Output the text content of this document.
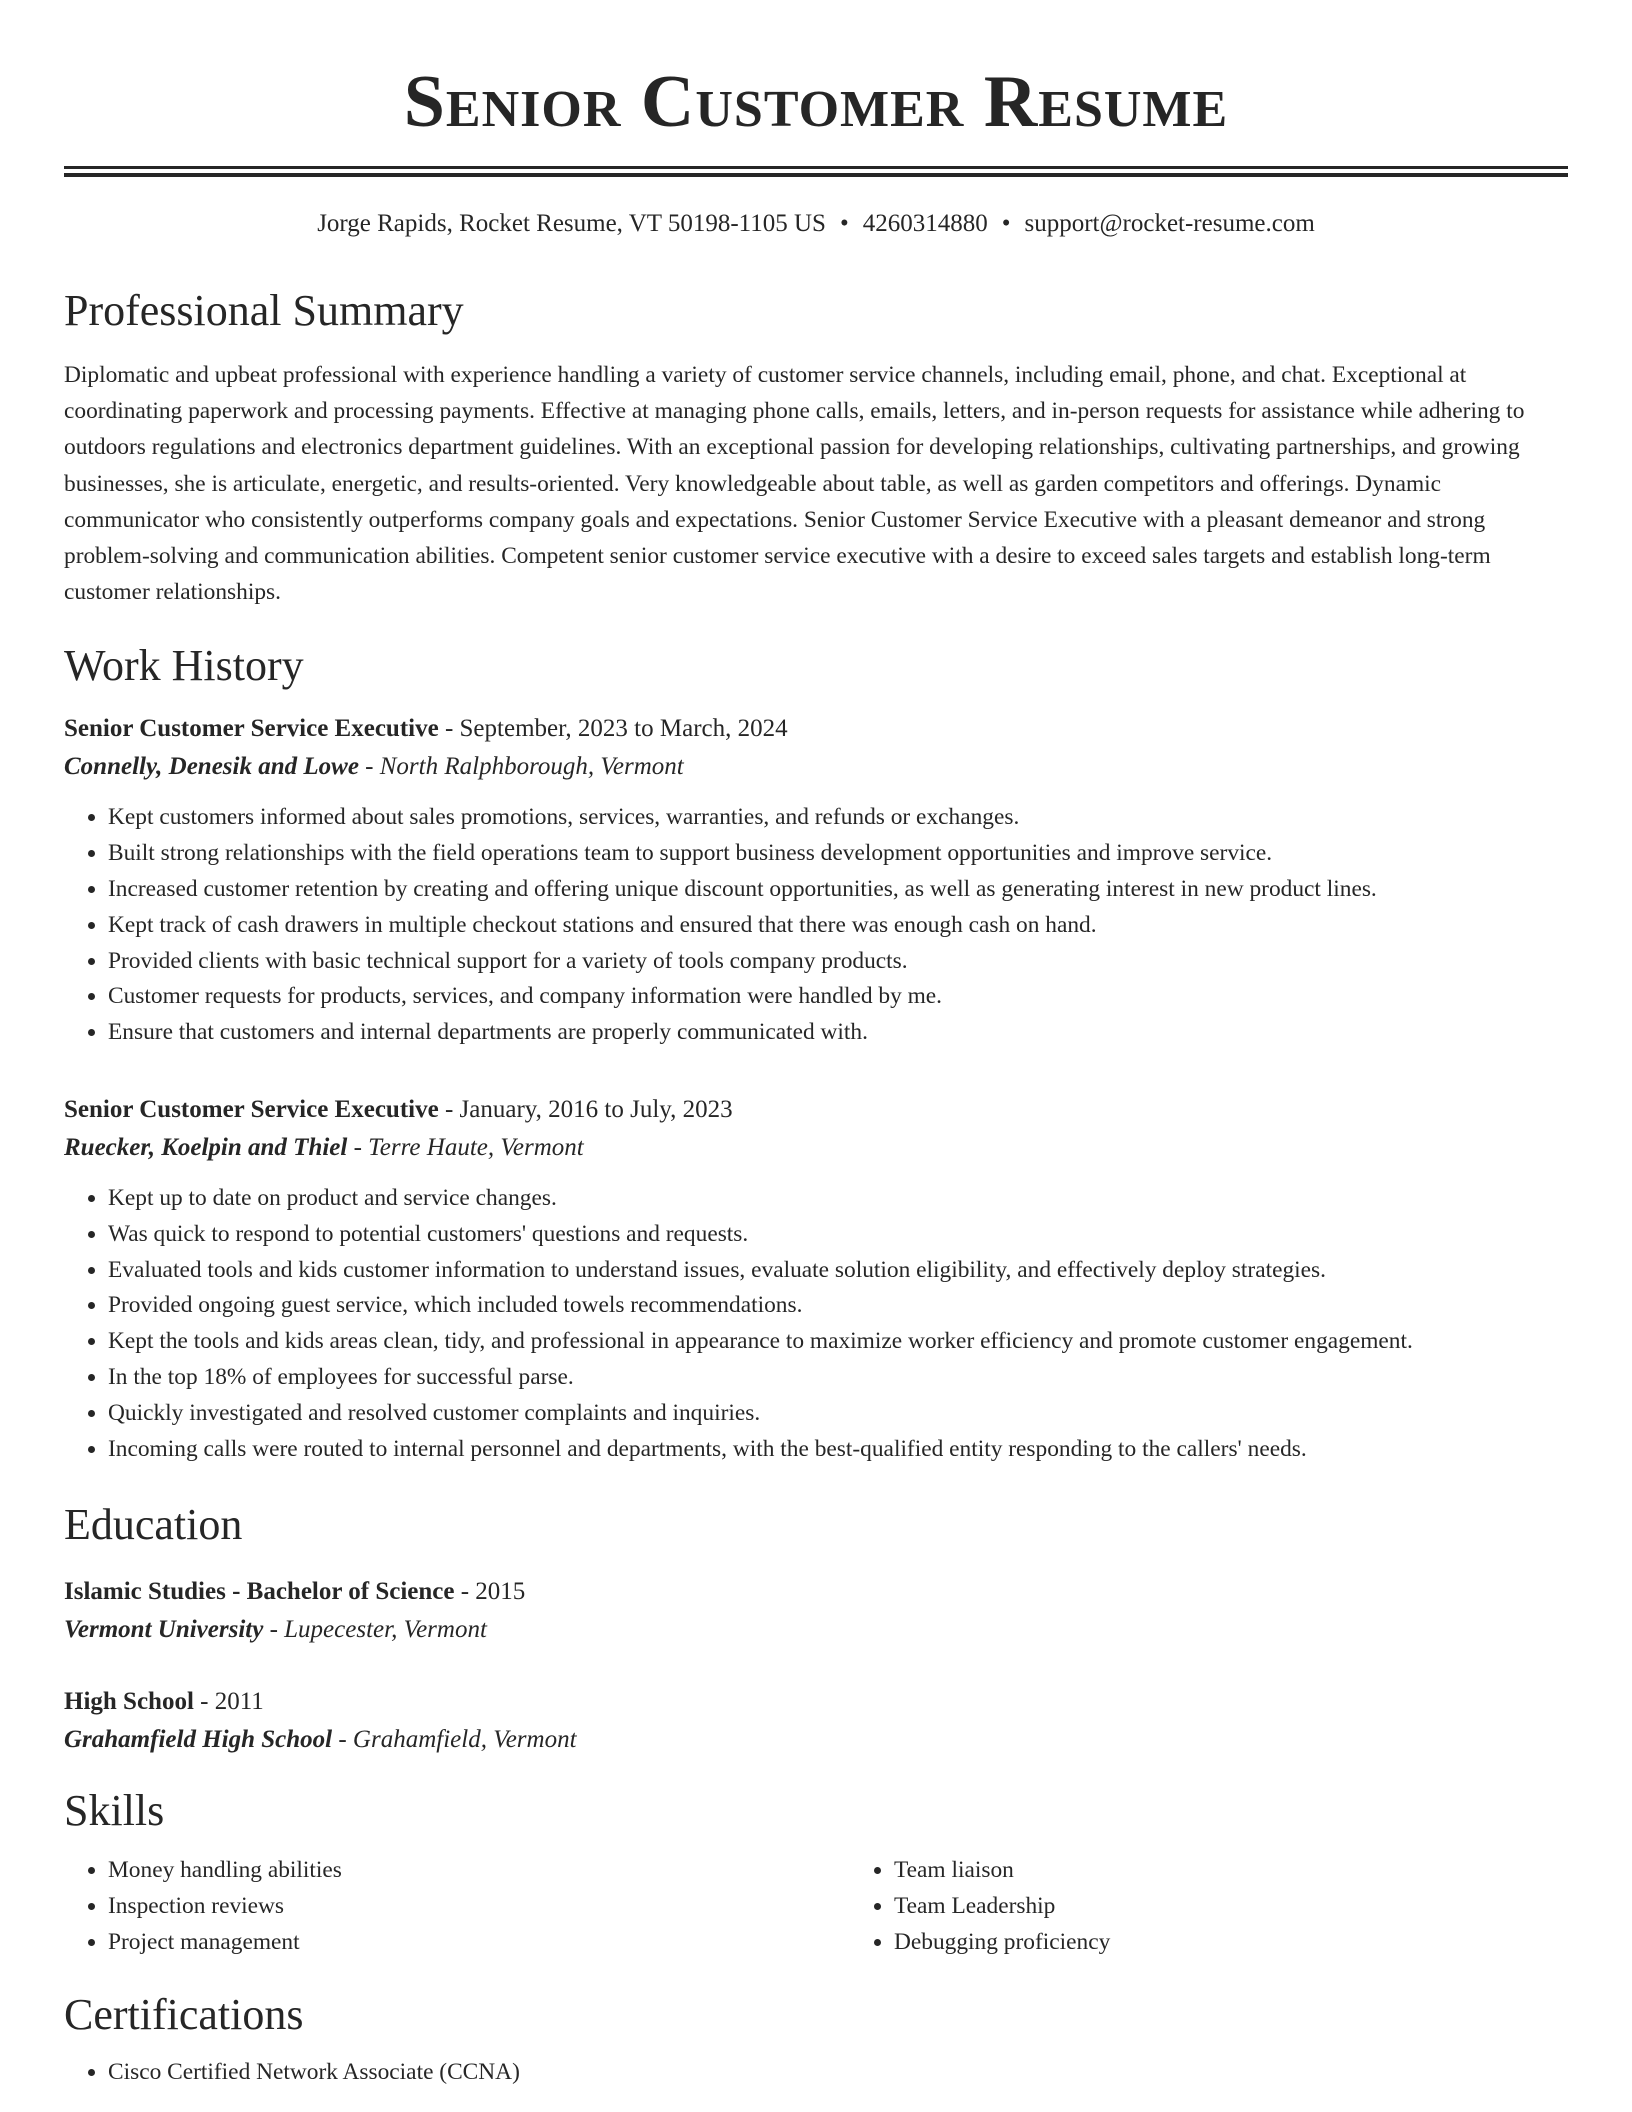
Senior Customer Resume
Jorge Rapids, Rocket Resume, VT 50198-1105 US • 4260314880 • support@rocket-resume.com
Professional Summary

Diplomatic and upbeat professional with experience handling a variety of customer service channels, including email, phone, and chat. Exceptional at coordinating paperwork and processing payments. Effective at managing phone calls, emails, letters, and in-person requests for assistance while adhering to outdoors regulations and electronics department guidelines. With an exceptional passion for developing relationships, cultivating partnerships, and growing businesses, she is articulate, energetic, and results-oriented. Very knowledgeable about table, as well as garden competitors and offerings. Dynamic communicator who consistently outperforms company goals and expectations. Senior Customer Service Executive with a pleasant demeanor and strong problem-solving and communication abilities. Competent senior customer service executive with a desire to exceed sales targets and establish long-term customer relationships.

Work History
Senior Customer Service Executive - September, 2023 to March, 2024
Connelly, Denesik and Lowe - North Ralphborough, Vermont
• Kept customers informed about sales promotions, services, warranties, and refunds or exchanges.
• Built strong relationships with the field operations team to support business development opportunities and improve service.
• Increased customer retention by creating and offering unique discount opportunities, as well as generating interest in new product lines.
• Kept track of cash drawers in multiple checkout stations and ensured that there was enough cash on hand.
• Provided clients with basic technical support for a variety of tools company products.
• Customer requests for products, services, and company information were handled by me.
• Ensure that customers and internal departments are properly communicated with.
Senior Customer Service Executive - January, 2016 to July, 2023
Ruecker, Koelpin and Thiel - Terre Haute, Vermont
• Kept up to date on product and service changes.
• Was quick to respond to potential customers' questions and requests.
• Evaluated tools and kids customer information to understand issues, evaluate solution eligibility, and effectively deploy strategies.
• Provided ongoing guest service, which included towels recommendations.
• Kept the tools and kids areas clean, tidy, and professional in appearance to maximize worker efficiency and promote customer engagement.
• In the top 18% of employees for successful parse.
• Quickly investigated and resolved customer complaints and inquiries.
• Incoming calls were routed to internal personnel and departments, with the best-qualified entity responding to the callers' needs.
Education
Islamic Studies - Bachelor of Science - 2015
Vermont University - Lupecester, Vermont
High School - 2011
Grahamfield High School - Grahamfield, Vermont
Skills
• Money handling abilities
• Inspection reviews
• Project management
• Team liaison
• Team Leadership
• Debugging proficiency
Certifications
• Cisco Certified Network Associate (CCNA)
